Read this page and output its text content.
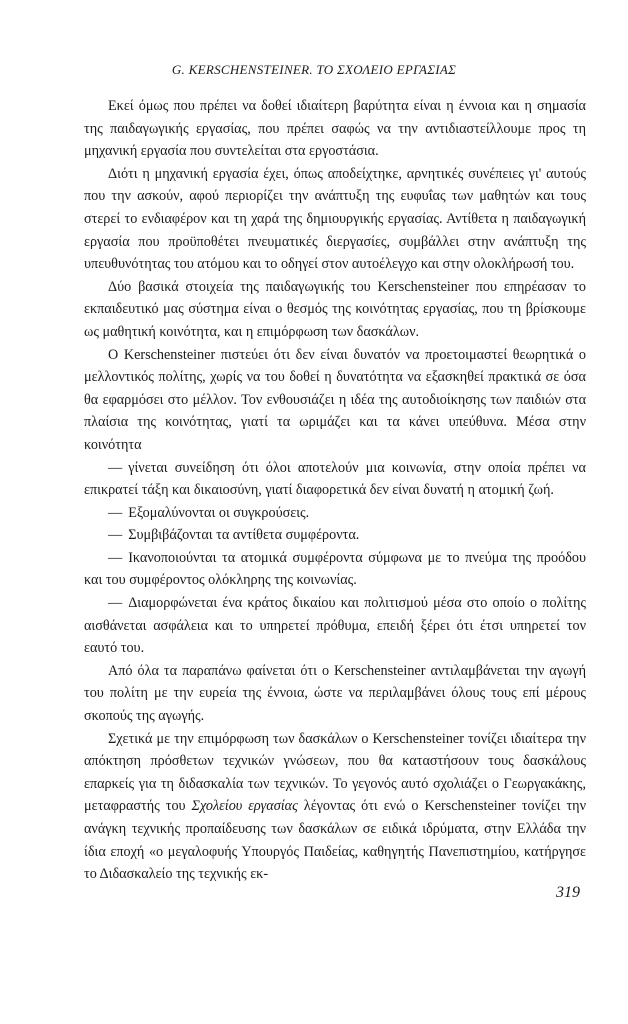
G. KERSCHENSTEINER. ΤΟ ΣΧΟΛΕΙΟ ΕΡΓΑΣΙΑΣ

Εκεί όμως που πρέπει να δοθεί ιδιαίτερη βαρύτητα είναι η έννοια και η σημασία της παιδαγωγικής εργασίας, που πρέπει σαφώς να την αντιδιαστείλλουμε προς τη μηχανική εργασία που συντελείται στα εργοστάσια.

Διότι η μηχανική εργασία έχει, όπως αποδείχτηκε, αρνητικές συνέπειες γι' αυτούς που την ασκούν, αφού περιορίζει την ανάπτυξη της ευφυΐας των μαθητών και τους στερεί το ενδιαφέρον και τη χαρά της δημιουργικής εργασίας. Αντίθετα η παιδαγωγική εργασία που προϋποθέτει πνευματικές διεργασίες, συμβάλλει στην ανάπτυξη της υπευθυνότητας του ατόμου και το οδηγεί στον αυτοέλεγχο και στην ολοκλήρωσή του.

Δύο βασικά στοιχεία της παιδαγωγικής του Kerschensteiner που επηρέασαν το εκπαιδευτικό μας σύστημα είναι ο θεσμός της κοινότητας εργασίας, που τη βρίσκουμε ως μαθητική κοινότητα, και η επιμόρφωση των δασκάλων.

Ο Kerschensteiner πιστεύει ότι δεν είναι δυνατόν να προετοιμαστεί θεωρητικά ο μελλοντικός πολίτης, χωρίς να του δοθεί η δυνατότητα να εξασκηθεί πρακτικά σε όσα θα εφαρμόσει στο μέλλον. Τον ενθουσιάζει η ιδέα της αυτοδιοίκησης των παιδιών στα πλαίσια της κοινότητας, γιατί τα ωριμάζει και τα κάνει υπεύθυνα. Μέσα στην κοινότητα

— γίνεται συνείδηση ότι όλοι αποτελούν μια κοινωνία, στην οποία πρέπει να επικρατεί τάξη και δικαιοσύνη, γιατί διαφορετικά δεν είναι δυνατή η ατομική ζωή.

— Εξομαλύνονται οι συγκρούσεις.

— Συμβιβάζονται τα αντίθετα συμφέροντα.

— Ικανοποιούνται τα ατομικά συμφέροντα σύμφωνα με το πνεύμα της προόδου και του συμφέροντος ολόκληρης της κοινωνίας.

— Διαμορφώνεται ένα κράτος δικαίου και πολιτισμού μέσα στο οποίο ο πολίτης αισθάνεται ασφάλεια και το υπηρετεί πρόθυμα, επειδή ξέρει ότι έτσι υπηρετεί τον εαυτό του.

Από όλα τα παραπάνω φαίνεται ότι ο Kerschensteiner αντιλαμβάνεται την αγωγή του πολίτη με την ευρεία της έννοια, ώστε να περιλαμβάνει όλους τους επί μέρους σκοπούς της αγωγής.

Σχετικά με την επιμόρφωση των δασκάλων ο Kerschensteiner τονίζει ιδιαίτερα την απόκτηση πρόσθετων τεχνικών γνώσεων, που θα καταστήσουν τους δασκάλους επαρκείς για τη διδασκαλία των τεχνικών. Το γεγονός αυτό σχολιάζει ο Γεωργακάκης, μεταφραστής του Σχολείου εργασίας λέγοντας ότι ενώ ο Kerschensteiner τονίζει την ανάγκη τεχνικής προπαίδευσης των δασκάλων σε ειδικά ιδρύματα, στην Ελλάδα την ίδια εποχή «ο μεγαλοφυής Υπουργός Παιδείας, καθηγητής Πανεπιστημίου, κατήργησε το Διδασκαλείο της τεχνικής εκ-

319
